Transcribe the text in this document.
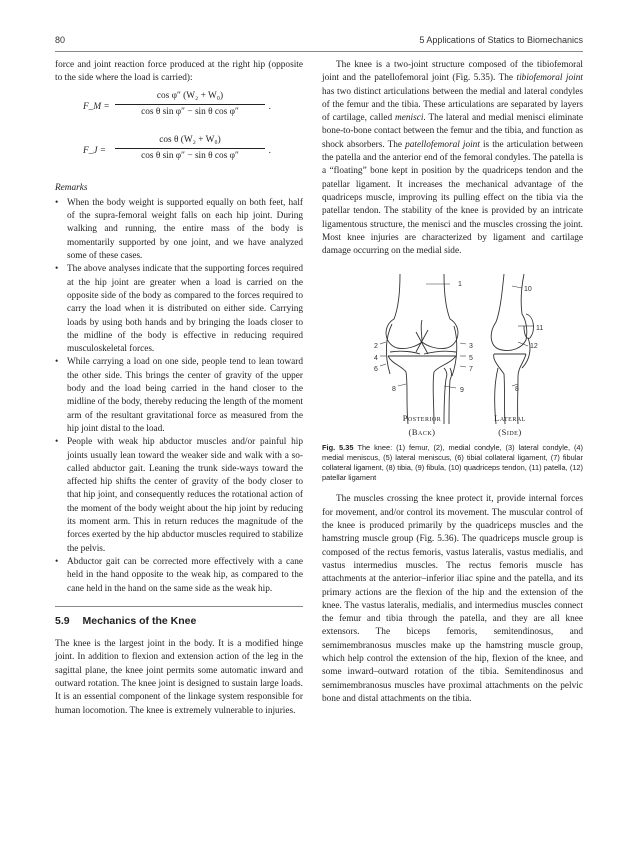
80	5 Applications of Statics to Biomechanics

force and joint reaction force produced at the right hip (opposite to the side where the load is carried):

F_M =
cos φ″ (W₂ + W₀)
cos θ sin φ″ − sin θ cos φ″
.
F_J =
cos θ (W₂ + W₀)
cos θ sin φ″ − sin θ cos φ″
.
Remarks
• When the body weight is supported equally on both feet, half of the supra-femoral weight falls on each hip joint. During walking and running, the entire mass of the body is momentarily supported by one joint, and we have analyzed some of these cases.
• The above analyses indicate that the supporting forces required at the hip joint are greater when a load is carried on the opposite side of the body as compared to the forces required to carry the load when it is distributed on either side. Carrying loads by using both hands and by bringing the loads closer to the midline of the body is effective in reducing required musculoskeletal forces.
• While carrying a load on one side, people tend to lean toward the other side. This brings the center of gravity of the upper body and the load being carried in the hand closer to the midline of the body, thereby reducing the length of the moment arm of the resultant gravitational force as measured from the hip joint distal to the load.
• People with weak hip abductor muscles and/or painful hip joints usually lean toward the weaker side and walk with a so-called abductor gait. Leaning the trunk side-ways toward the affected hip shifts the center of gravity of the body closer to that hip joint, and consequently reduces the rotational action of the moment of the body weight about the hip joint by reducing its moment arm. This in return reduces the magnitude of the forces exerted by the hip abductor muscles required to stabilize the pelvis.
• Abductor gait can be corrected more effectively with a cane held in the hand opposite to the weak hip, as compared to the cane held in the hand on the same side as the weak hip.
5.9 Mechanics of the Knee

The knee is the largest joint in the body. It is a modified hinge joint. In addition to flexion and extension action of the leg in the sagittal plane, the knee joint permits some automatic inward and outward rotation. The knee joint is designed to sustain large loads. It is an essential component of the linkage system responsible for human locomotion. The knee is extremely vulnerable to injuries.

The knee is a two-joint structure composed of the tibiofemoral joint and the patellofemoral joint (Fig. 5.35). The tibiofemoral joint has two distinct articulations between the medial and lateral condyles of the femur and the tibia. These articulations are separated by layers of cartilage, called menisci. The lateral and medial menisci eliminate bone-to-bone contact between the femur and the tibia, and function as shock absorbers. The patellofemoral joint is the articulation between the patella and the anterior end of the femoral condyles. The patella is a “floating” bone kept in position by the quadriceps tendon and the patellar ligament. It increases the mechanical advantage of the quadriceps muscle, improving its pulling effect on the tibia via the patellar tendon. The stability of the knee is provided by an intricate ligamentous structure, the menisci and the muscles crossing the joint. Most knee injuries are characterized by ligament and cartilage damage occurring on the medial side.

1
2	3
4	5
6	7
8	9	8
10
11
12
Posterior
(Back)
Lateral
(Side)
Fig. 5.35 The knee: (1) femur, (2), medial condyle, (3) lateral condyle, (4) medial meniscus, (5) lateral meniscus, (6) tibial collateral ligament, (7) fibular collateral ligament, (8) tibia, (9) fibula, (10) quadriceps tendon, (11) patella, (12) patellar ligament

The muscles crossing the knee protect it, provide internal forces for movement, and/or control its movement. The muscular control of the knee is produced primarily by the quadriceps muscles and the hamstring muscle group (Fig. 5.36). The quadriceps muscle group is composed of the rectus femoris, vastus lateralis, vastus medialis, and vastus intermedius muscles. The rectus femoris muscle has attachments at the anterior–inferior iliac spine and the patella, and its primary actions are the flexion of the hip and the extension of the knee. The vastus lateralis, medialis, and intermedius muscles connect the femur and tibia through the patella, and they are all knee extensors. The biceps femoris, semitendinosus, and semimembranosus muscles make up the hamstring muscle group, which help control the extension of the hip, flexion of the knee, and some inward–outward rotation of the tibia. Semitendinosus and semimembranosus muscles have proximal attachments on the pelvic bone and distal attachments on the tibia.
